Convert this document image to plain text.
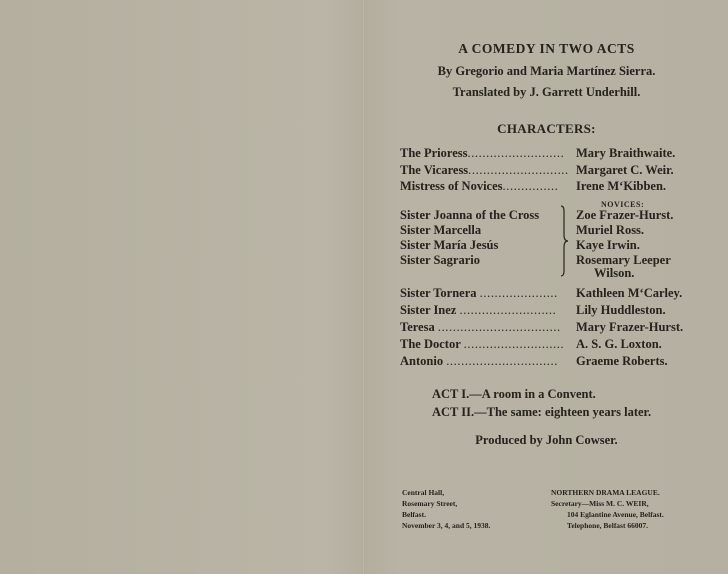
A COMEDY IN TWO ACTS
By Gregorio and Maria Martínez Sierra.
Translated by J. Garrett Underhill.
CHARACTERS:
The Prioress.......................... Mary Braithwaite.
The Vicaress........................... Margaret C. Weir.
Mistress of Novices............... Irene M‘Kibben.
NOVICES:
Sister Joanna of the Cross	Zoe Frazer-Hurst.
Sister Marcella	Muriel Ross.
Sister María Jesús	Kaye Irwin.
Sister Sagrario	Rosemary Leeper
Wilson.
Sister Tornera ..................... Kathleen M‘Carley.
Sister Inez .......................... Lily Huddleston.
Teresa ................................. Mary Frazer-Hurst.
The Doctor ........................... A. S. G. Loxton.
Antonio .............................. Graeme Roberts.
ACT I.—A room in a Convent.
ACT II.—The same: eighteen years later.
Produced by John Cowser.
Central Hall,
Rosemary Street,
Belfast.
November 3, 4, and 5, 1938.
NORTHERN DRAMA LEAGUE.
Secretary—Miss M. C. WEIR,
104 Eglantine Avenue, Belfast.
Telephone, Belfast 66007.
